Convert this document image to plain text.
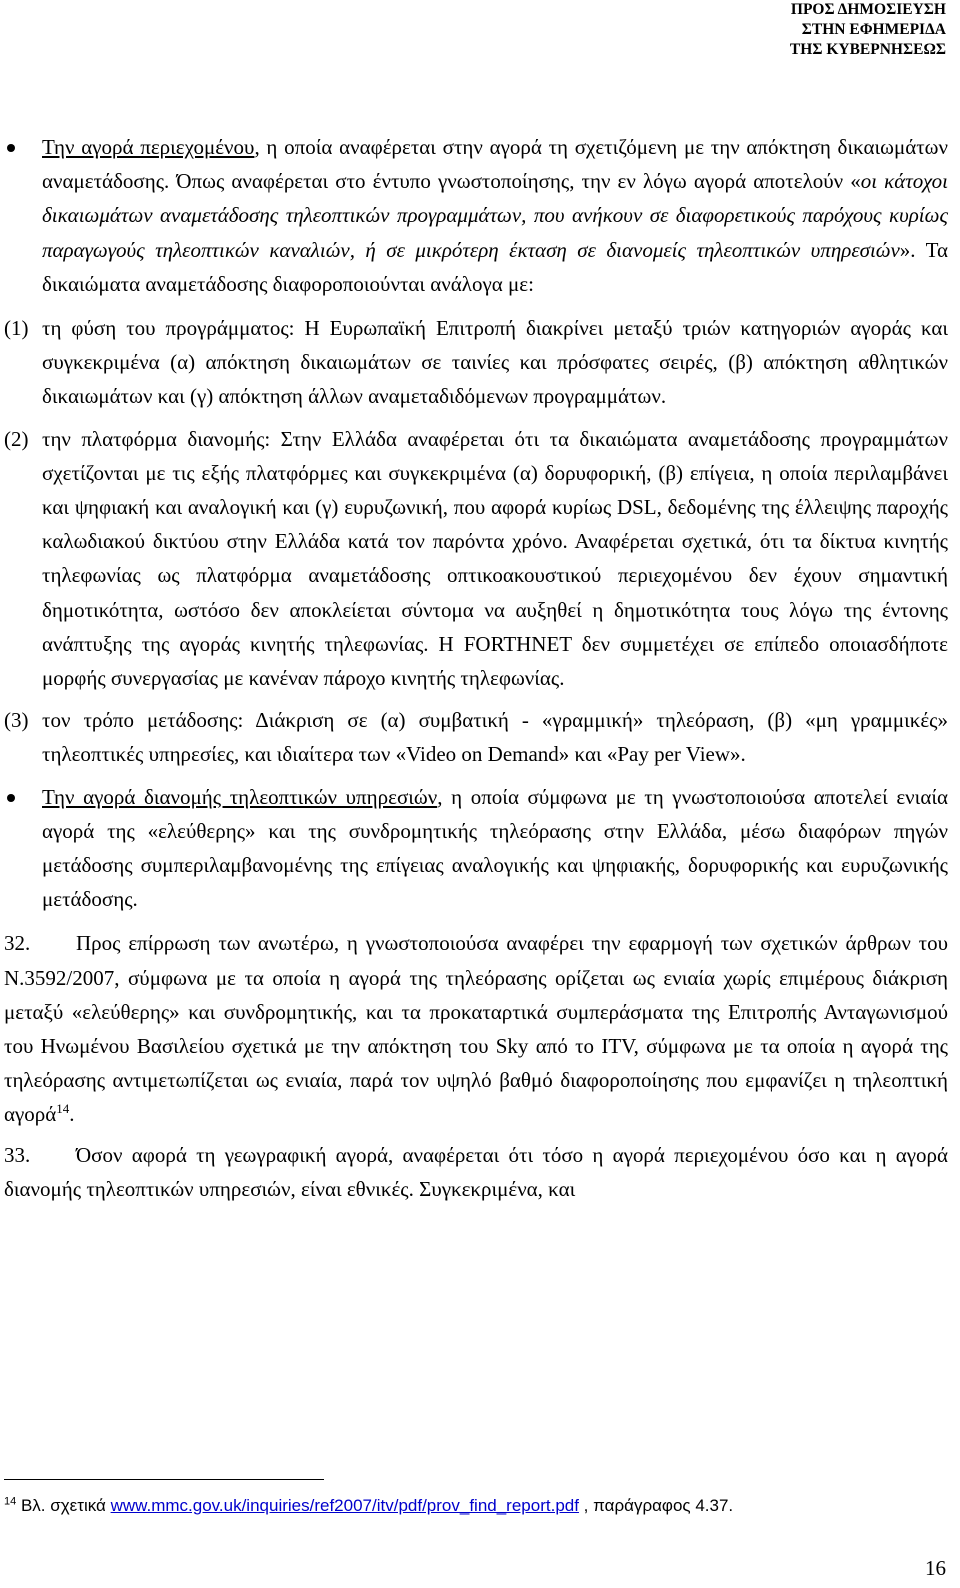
ΠΡΟΣ ΔΗΜΟΣΙΕΥΣΗ
ΣΤΗΝ ΕΦΗΜΕΡΙΔΑ
ΤΗΣ ΚΥΒΕΡΝΗΣΕΩΣ

Την αγορά περιεχομένου, η οποία αναφέρεται στην αγορά τη σχετιζόμενη με την απόκτηση δικαιωμάτων αναμετάδοσης. Όπως αναφέρεται στο έντυπο γνωστοποίησης, την εν λόγω αγορά αποτελούν «οι κάτοχοι δικαιωμάτων αναμετάδοσης τηλεοπτικών προγραμμάτων, που ανήκουν σε διαφορετικούς παρόχους κυρίως παραγωγούς τηλεοπτικών καναλιών, ή σε μικρότερη έκταση σε διανομείς τηλεοπτικών υπηρεσιών». Τα δικαιώματα αναμετάδοσης διαφοροποιούνται ανάλογα με:

(1) τη φύση του προγράμματος: Η Ευρωπαϊκή Επιτροπή διακρίνει μεταξύ τριών κατηγοριών αγοράς και συγκεκριμένα (α) απόκτηση δικαιωμάτων σε ταινίες και πρόσφατες σειρές, (β) απόκτηση αθλητικών δικαιωμάτων και (γ) απόκτηση άλλων αναμεταδιδόμενων προγραμμάτων.

(2) την πλατφόρμα διανομής: Στην Ελλάδα αναφέρεται ότι τα δικαιώματα αναμετάδοσης προγραμμάτων σχετίζονται με τις εξής πλατφόρμες και συγκεκριμένα (α) δορυφορική, (β) επίγεια, η οποία περιλαμβάνει και ψηφιακή και αναλογική και (γ) ευρυζωνική, που αφορά κυρίως DSL, δεδομένης της έλλειψης παροχής καλωδιακού δικτύου στην Ελλάδα κατά τον παρόντα χρόνο. Αναφέρεται σχετικά, ότι τα δίκτυα κινητής τηλεφωνίας ως πλατφόρμα αναμετάδοσης οπτικοακουστικού περιεχομένου δεν έχουν σημαντική δημοτικότητα, ωστόσο δεν αποκλείεται σύντομα να αυξηθεί η δημοτικότητα τους λόγω της έντονης ανάπτυξης της αγοράς κινητής τηλεφωνίας. Η FORTHNET δεν συμμετέχει σε επίπεδο οποιασδήποτε μορφής συνεργασίας με κανέναν πάροχο κινητής τηλεφωνίας.

(3) τον τρόπο μετάδοσης: Διάκριση σε (α) συμβατική - «γραμμική» τηλεόραση, (β) «μη γραμμικές» τηλεοπτικές υπηρεσίες, και ιδιαίτερα των «Video on Demand» και «Pay per View».

Την αγορά διανομής τηλεοπτικών υπηρεσιών, η οποία σύμφωνα με τη γνωστοποιούσα αποτελεί ενιαία αγορά της «ελεύθερης» και της συνδρομητικής τηλεόρασης στην Ελλάδα, μέσω διαφόρων πηγών μετάδοσης συμπεριλαμβανομένης της επίγειας αναλογικής και ψηφιακής, δορυφορικής και ευρυζωνικής μετάδοσης.

32. Προς επίρρωση των ανωτέρω, η γνωστοποιούσα αναφέρει την εφαρμογή των σχετικών άρθρων του Ν.3592/2007, σύμφωνα με τα οποία η αγορά της τηλεόρασης ορίζεται ως ενιαία χωρίς επιμέρους διάκριση μεταξύ «ελεύθερης» και συνδρομητικής, και τα προκαταρτικά συμπεράσματα της Επιτροπής Ανταγωνισμού του Ηνωμένου Βασιλείου σχετικά με την απόκτηση του Sky από το ITV, σύμφωνα με τα οποία η αγορά της τηλεόρασης αντιμετωπίζεται ως ενιαία, παρά τον υψηλό βαθμό διαφοροποίησης που εμφανίζει η τηλεοπτική αγορά$^{14}$.

33. Όσον αφορά τη γεωγραφική αγορά, αναφέρεται ότι τόσο η αγορά περιεχομένου όσο και η αγορά διανομής τηλεοπτικών υπηρεσιών, είναι εθνικές. Συγκεκριμένα, και

$^{14}$ Βλ. σχετικά www.mmc.gov.uk/inquiries/ref2007/itv/pdf/prov_find_report.pdf , παράγραφος 4.37.
16
